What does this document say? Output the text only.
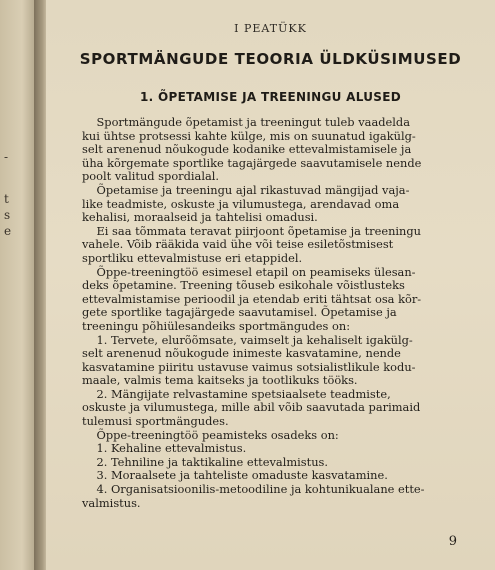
-
t
s
e
I PEATÜKK
SPORTMÄNGUDE TEOORIA ÜLDKÜSIMUSED
1. ÕPETAMISE JA TREENINGU ALUSED
Sportmängude õpetamist ja treeningut tuleb vaadelda
kui ühtse protsessi kahte külge, mis on suunatud igakülg-
selt arenenud nõukogude kodanike ettevalmistamisele ja
üha kõrgemate sportlike tagajärgede saavutamisele nende
poolt valitud spordialal.
Õpetamise ja treeningu ajal rikastuvad mängijad vaja-
like teadmiste, oskuste ja vilumustega, arendavad oma
kehalisi, moraalseid ja tahtelisi omadusi.
Ei saa tõmmata teravat piirjoont õpetamise ja treeningu
vahele. Võib rääkida vaid ühe või teise esiletõstmisest
sportliku ettevalmistuse eri etappidel.
Õppe-treeningtöö esimesel etapil on peamiseks ülesan-
deks õpetamine. Treening tõuseb esikohale võistlusteks
ettevalmistamise perioodil ja etendab eriti tähtsat osa kõr-
gete sportlike tagajärgede saavutamisel. Õpetamise ja
treeningu põhiülesandeiks sportmängudes on:
1. Tervete, elurõõmsate, vaimselt ja kehaliselt igakülg-
selt arenenud nõukogude inimeste kasvatamine, nende
kasvatamine piiritu ustavuse vaimus sotsialistlikule kodu-
maale, valmis tema kaitseks ja tootlikuks tööks.
2. Mängijate relvastamine spetsiaalsete teadmiste,
oskuste ja vilumustega, mille abil võib saavutada parimaid
tulemusi sportmängudes.
Õppe-treeningtöö peamisteks osadeks on:
1. Kehaline ettevalmistus.
2. Tehniline ja taktikaline ettevalmistus.
3. Moraalsete ja tahteliste omaduste kasvatamine.
4. Organisatsioonilis-metoodiline ja kohtunikualane ette-
valmistus.
9
